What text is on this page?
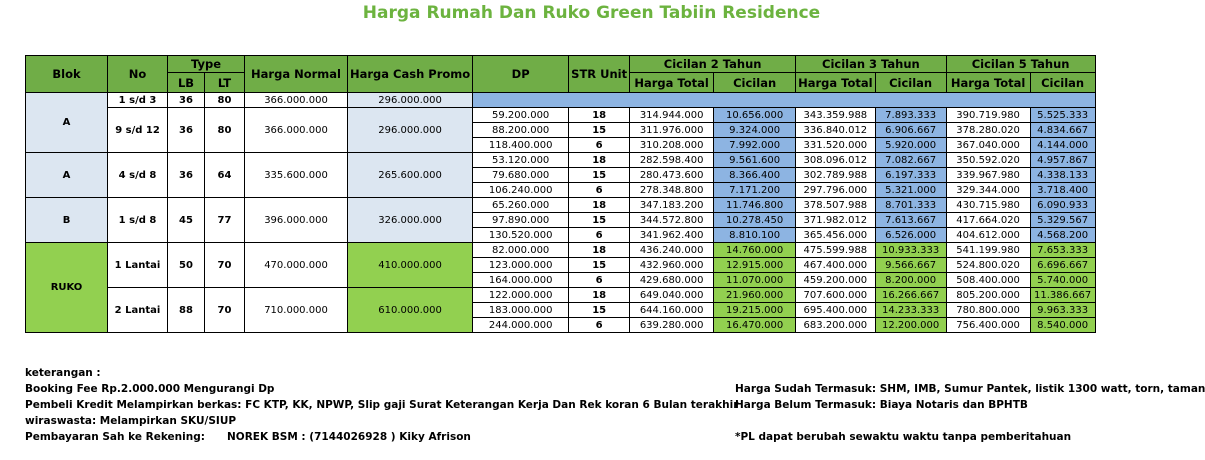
Harga Rumah Dan Ruko Green Tabiin Residence
Blok	No	Type		Harga Normal	Harga Cash Promo	DP	STR Unit	Cicilan 2 Tahun		Cicilan 3 Tahun		Cicilan 5 Tahun	
		LB	LT					Harga Total	Cicilan	Harga Total	Cicilan	Harga Total	Cicilan
A	1 s/d 3	36	80	366.000.000	296.000.000								
	9 s/d 12	36	80	366.000.000	296.000.000	59.200.000	18	314.944.000	10.656.000	343.359.988	7.893.333	390.719.980	5.525.333
						88.200.000	15	311.976.000	9.324.000	336.840.012	6.906.667	378.280.020	4.834.667
						118.400.000	6	310.208.000	7.992.000	331.520.000	5.920.000	367.040.000	4.144.000
A	4 s/d 8	36	64	335.600.000	265.600.000	53.120.000	18	282.598.400	9.561.600	308.096.012	7.082.667	350.592.020	4.957.867
						79.680.000	15	280.473.600	8.366.400	302.789.988	6.197.333	339.967.980	4.338.133
						106.240.000	6	278.348.800	7.171.200	297.796.000	5.321.000	329.344.000	3.718.400
B	1 s/d 8	45	77	396.000.000	326.000.000	65.260.000	18	347.183.200	11.746.800	378.507.988	8.701.333	430.715.980	6.090.933
						97.890.000	15	344.572.800	10.278.450	371.982.012	7.613.667	417.664.020	5.329.567
						130.520.000	6	341.962.400	8.810.100	365.456.000	6.526.000	404.612.000	4.568.200
RUKO	1 Lantai	50	70	470.000.000	410.000.000	82.000.000	18	436.240.000	14.760.000	475.599.988	10.933.333	541.199.980	7.653.333
						123.000.000	15	432.960.000	12.915.000	467.400.000	9.566.667	524.800.020	6.696.667
						164.000.000	6	429.680.000	11.070.000	459.200.000	8.200.000	508.400.000	5.740.000
	2 Lantai	88	70	710.000.000	610.000.000	122.000.000	18	649.040.000	21.960.000	707.600.000	16.266.667	805.200.000	11.386.667
						183.000.000	15	644.160.000	19.215.000	695.400.000	14.233.333	780.800.000	9.963.333
						244.000.000	6	639.280.000	16.470.000	683.200.000	12.200.000	756.400.000	8.540.000
keterangan :
Booking Fee Rp.2.000.000 Mengurangi Dp
Pembeli Kredit Melampirkan berkas: FC KTP, KK, NPWP, Slip gaji Surat Keterangan Kerja Dan Rek koran 6 Bulan terakhir
wiraswasta: Melampirkan SKU/SIUP
Pembayaran Sah ke Rekening: NOREK BSM : (7144026928 ) Kiky Afrison
Harga Sudah Termasuk: SHM, IMB, Sumur Pantek, listik 1300 watt, torn, taman
Harga Belum Termasuk: Biaya Notaris dan BPHTB
*PL dapat berubah sewaktu waktu tanpa pemberitahuan
